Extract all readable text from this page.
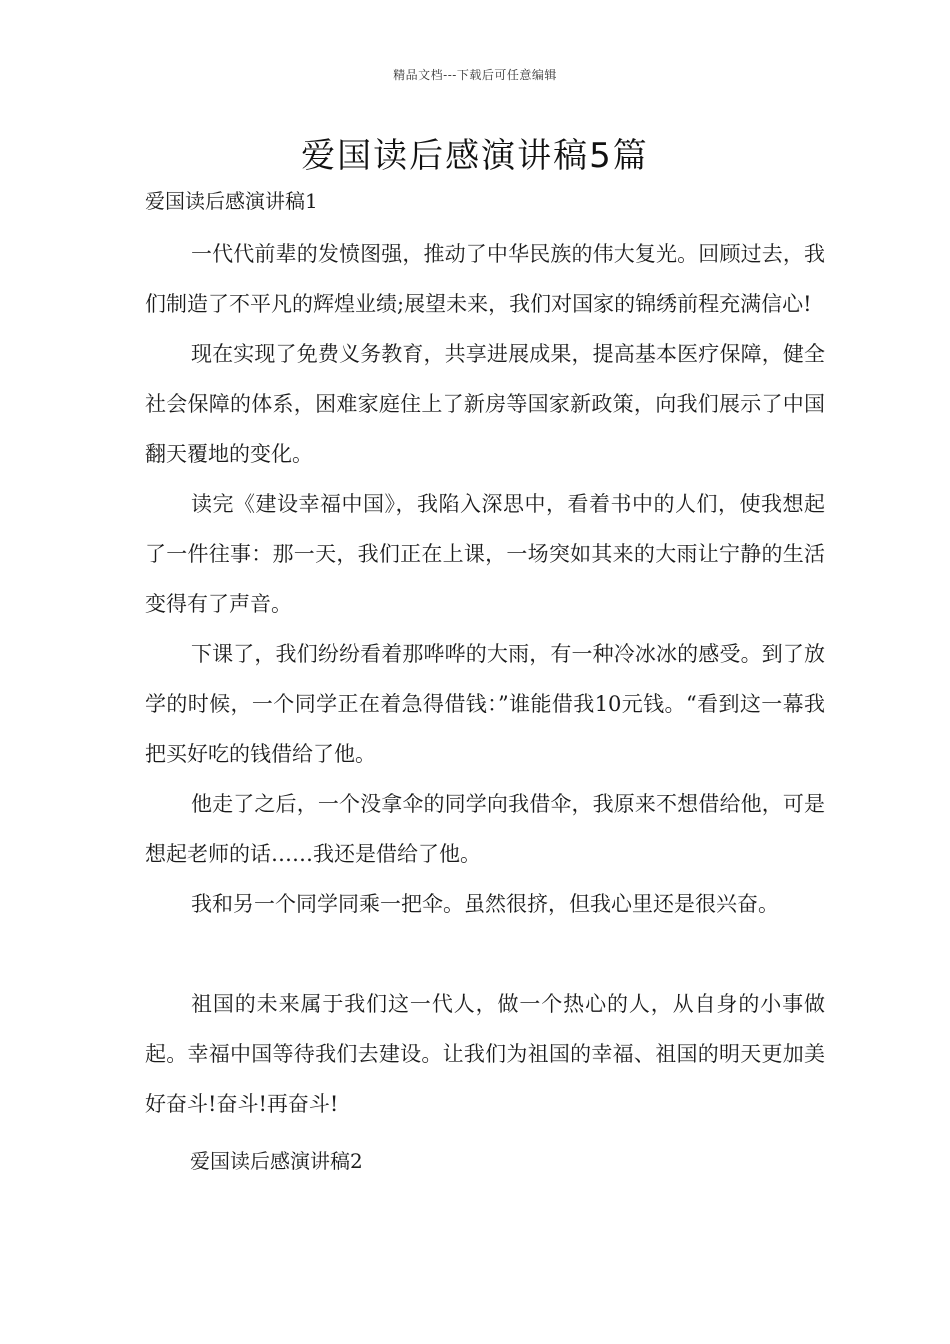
精品文档---下载后可任意编辑
爱国读后感演讲稿5篇

爱国读后感演讲稿1

一代代前辈的发愤图强，推动了中华民族的伟大复光。回顾过去，我们制造了不平凡的辉煌业绩;展望未来，我们对国家的锦绣前程充满信心!

现在实现了免费义务教育，共享进展成果，提高基本医疗保障，健全社会保障的体系，困难家庭住上了新房等国家新政策，向我们展示了中国翻天覆地的变化。

读完《建设幸福中国》，我陷入深思中，看着书中的人们，使我想起了一件往事：那一天，我们正在上课，一场突如其来的大雨让宁静的生活变得有了声音。

下课了，我们纷纷看着那哗哗的大雨，有一种冷冰冰的感受。到了放学的时候，一个同学正在着急得借钱：”谁能借我10元钱。“看到这一幕我把买好吃的钱借给了他。

他走了之后，一个没拿伞的同学向我借伞，我原来不想借给他，可是想起老师的话……我还是借给了他。

我和另一个同学同乘一把伞。虽然很挤，但我心里还是很兴奋。

祖国的未来属于我们这一代人，做一个热心的人，从自身的小事做起。幸福中国等待我们去建设。让我们为祖国的幸福、祖国的明天更加美好奋斗!奋斗!再奋斗!

爱国读后感演讲稿2
